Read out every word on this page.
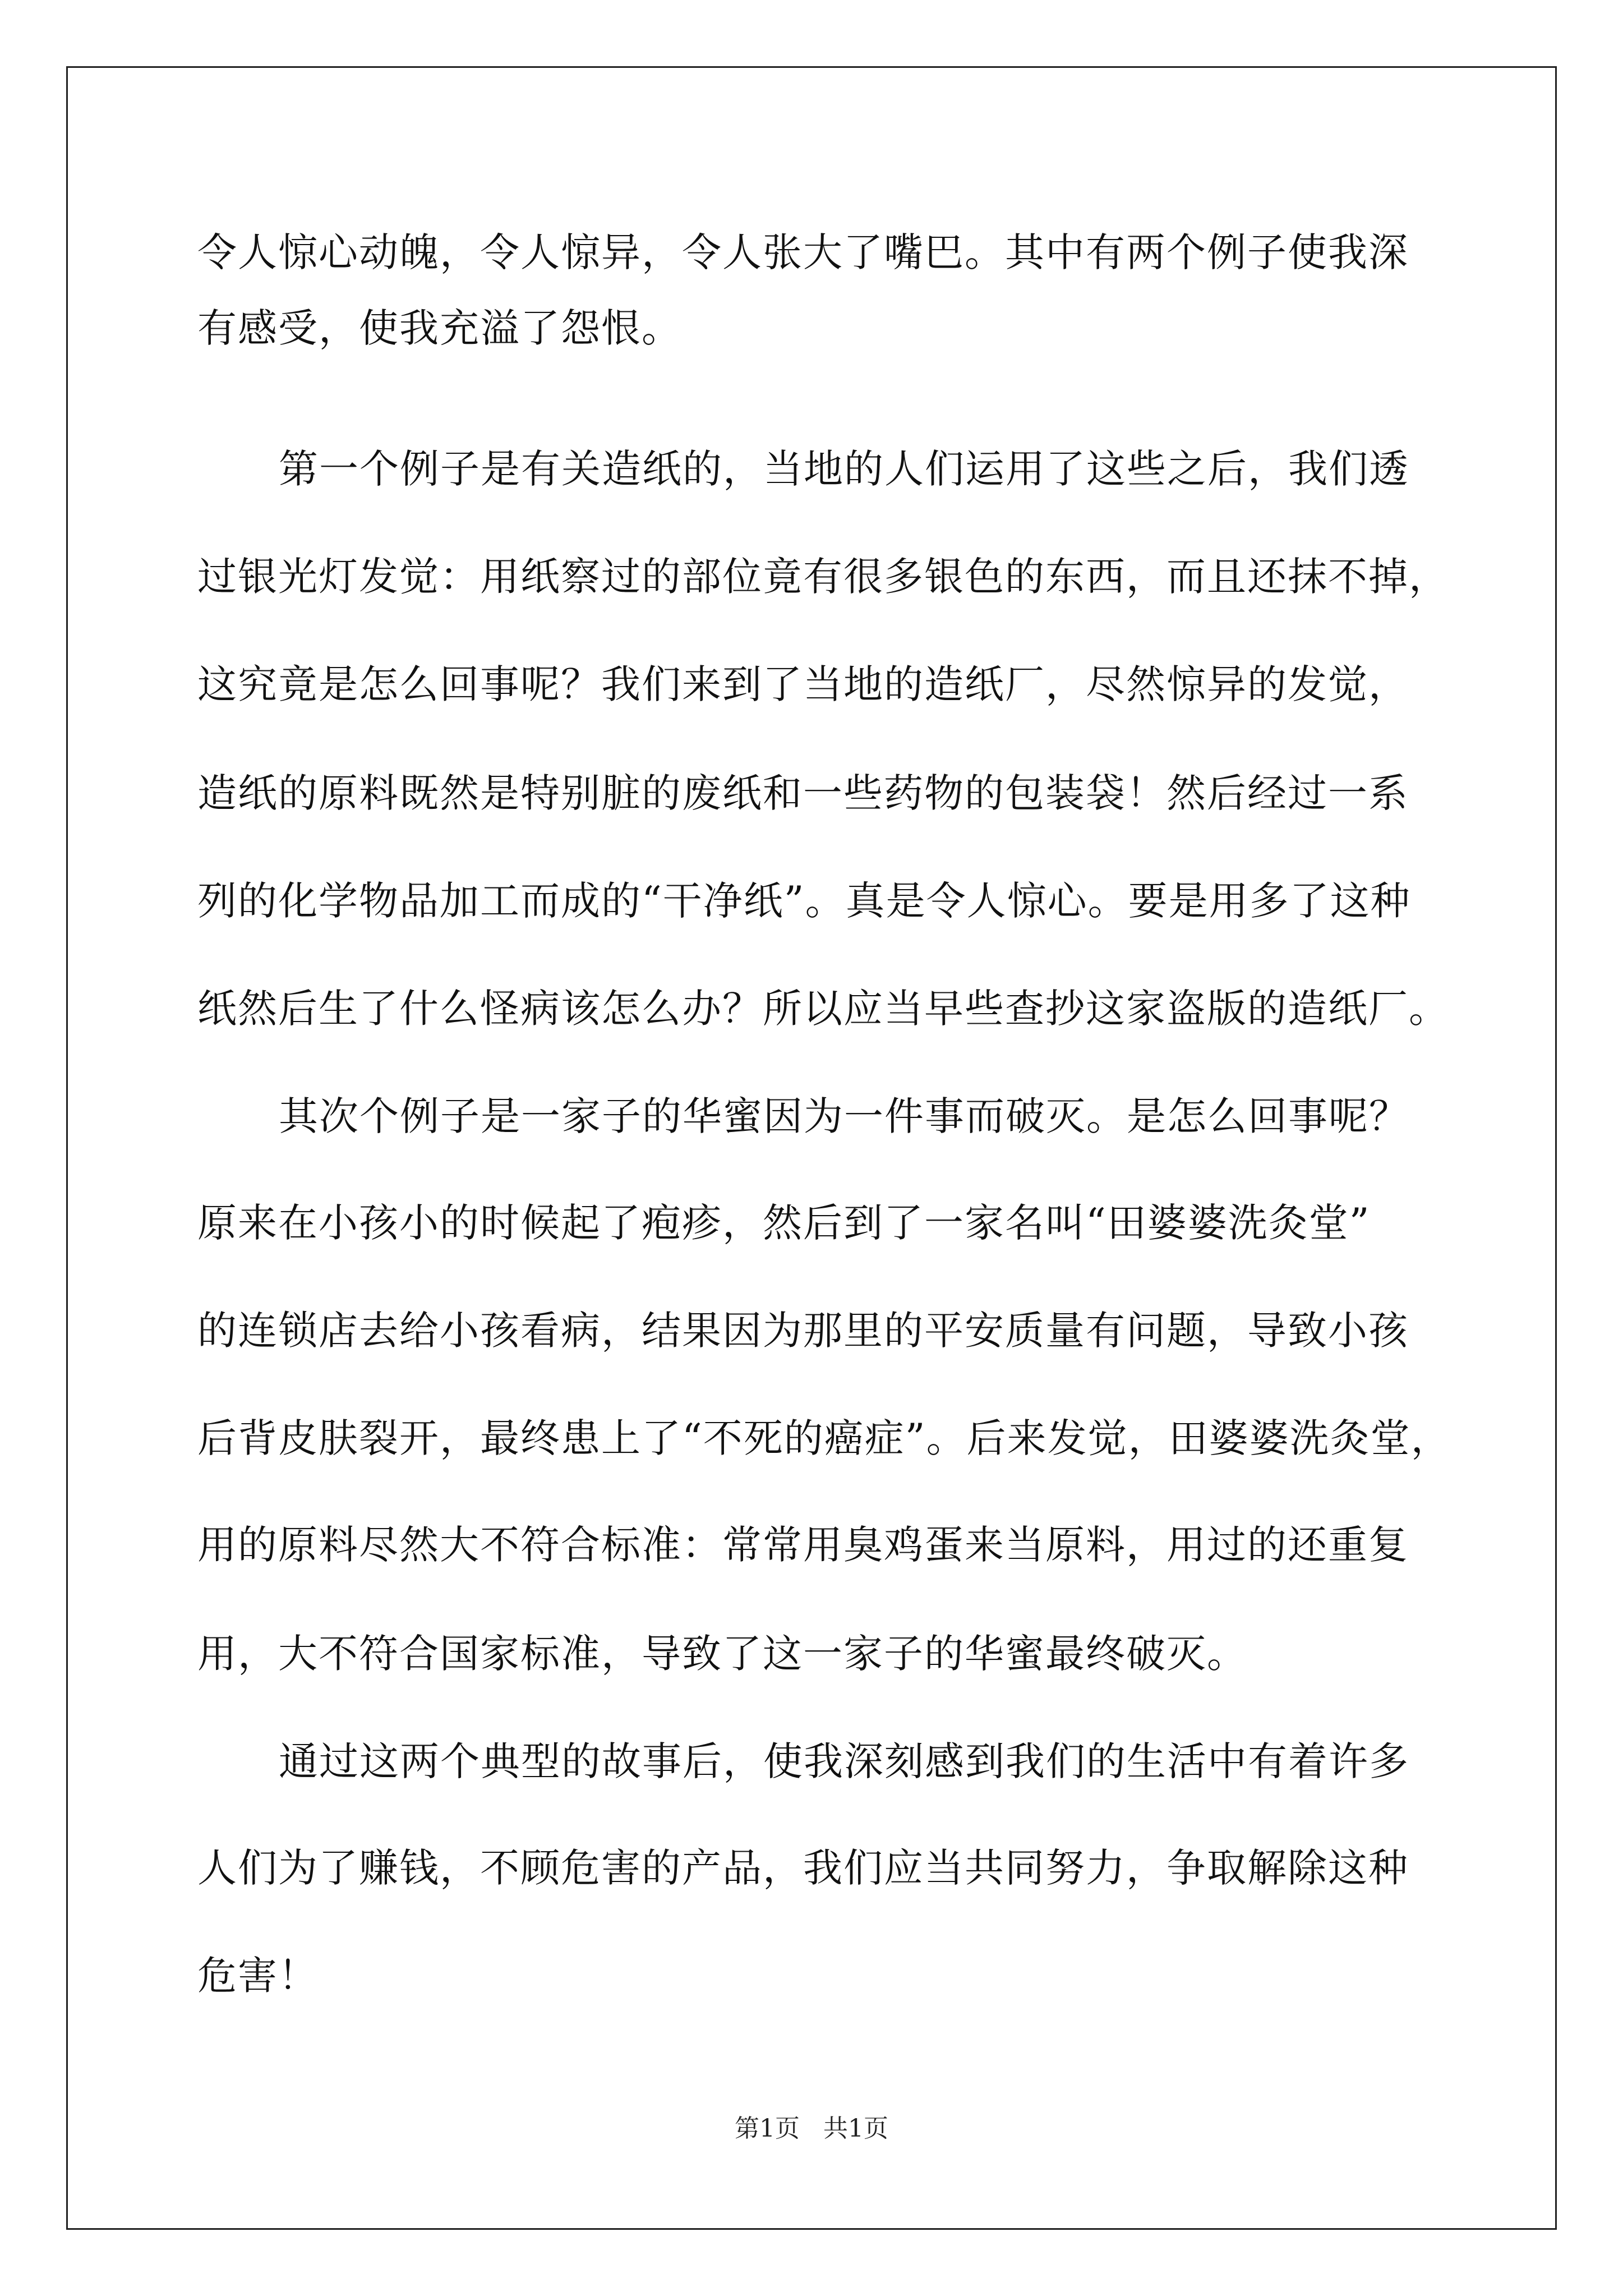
令人惊心动魄，令人惊异，令人张大了嘴巴。其中有两个例子使我深
有感受，使我充溢了怨恨。
第一个例子是有关造纸的，当地的人们运用了这些之后，我们透
过银光灯发觉：用纸察过的部位竟有很多银色的东西，而且还抹不掉，
这究竟是怎么回事呢？我们来到了当地的造纸厂，尽然惊异的发觉，
造纸的原料既然是特别脏的废纸和一些药物的包装袋！然后经过一系
列的化学物品加工而成的“干净纸”。真是令人惊心。要是用多了这种
纸然后生了什么怪病该怎么办？所以应当早些查抄这家盗版的造纸厂。
其次个例子是一家子的华蜜因为一件事而破灭。是怎么回事呢？
原来在小孩小的时候起了疱疹，然后到了一家名叫“田婆婆洗灸堂”
的连锁店去给小孩看病，结果因为那里的平安质量有问题，导致小孩
后背皮肤裂开，最终患上了“不死的癌症”。后来发觉，田婆婆洗灸堂，
用的原料尽然大不符合标准：常常用臭鸡蛋来当原料，用过的还重复
用，大不符合国家标准，导致了这一家子的华蜜最终破灭。
通过这两个典型的故事后，使我深刻感到我们的生活中有着许多
人们为了赚钱，不顾危害的产品，我们应当共同努力，争取解除这种
危害！
第1页 共1页
